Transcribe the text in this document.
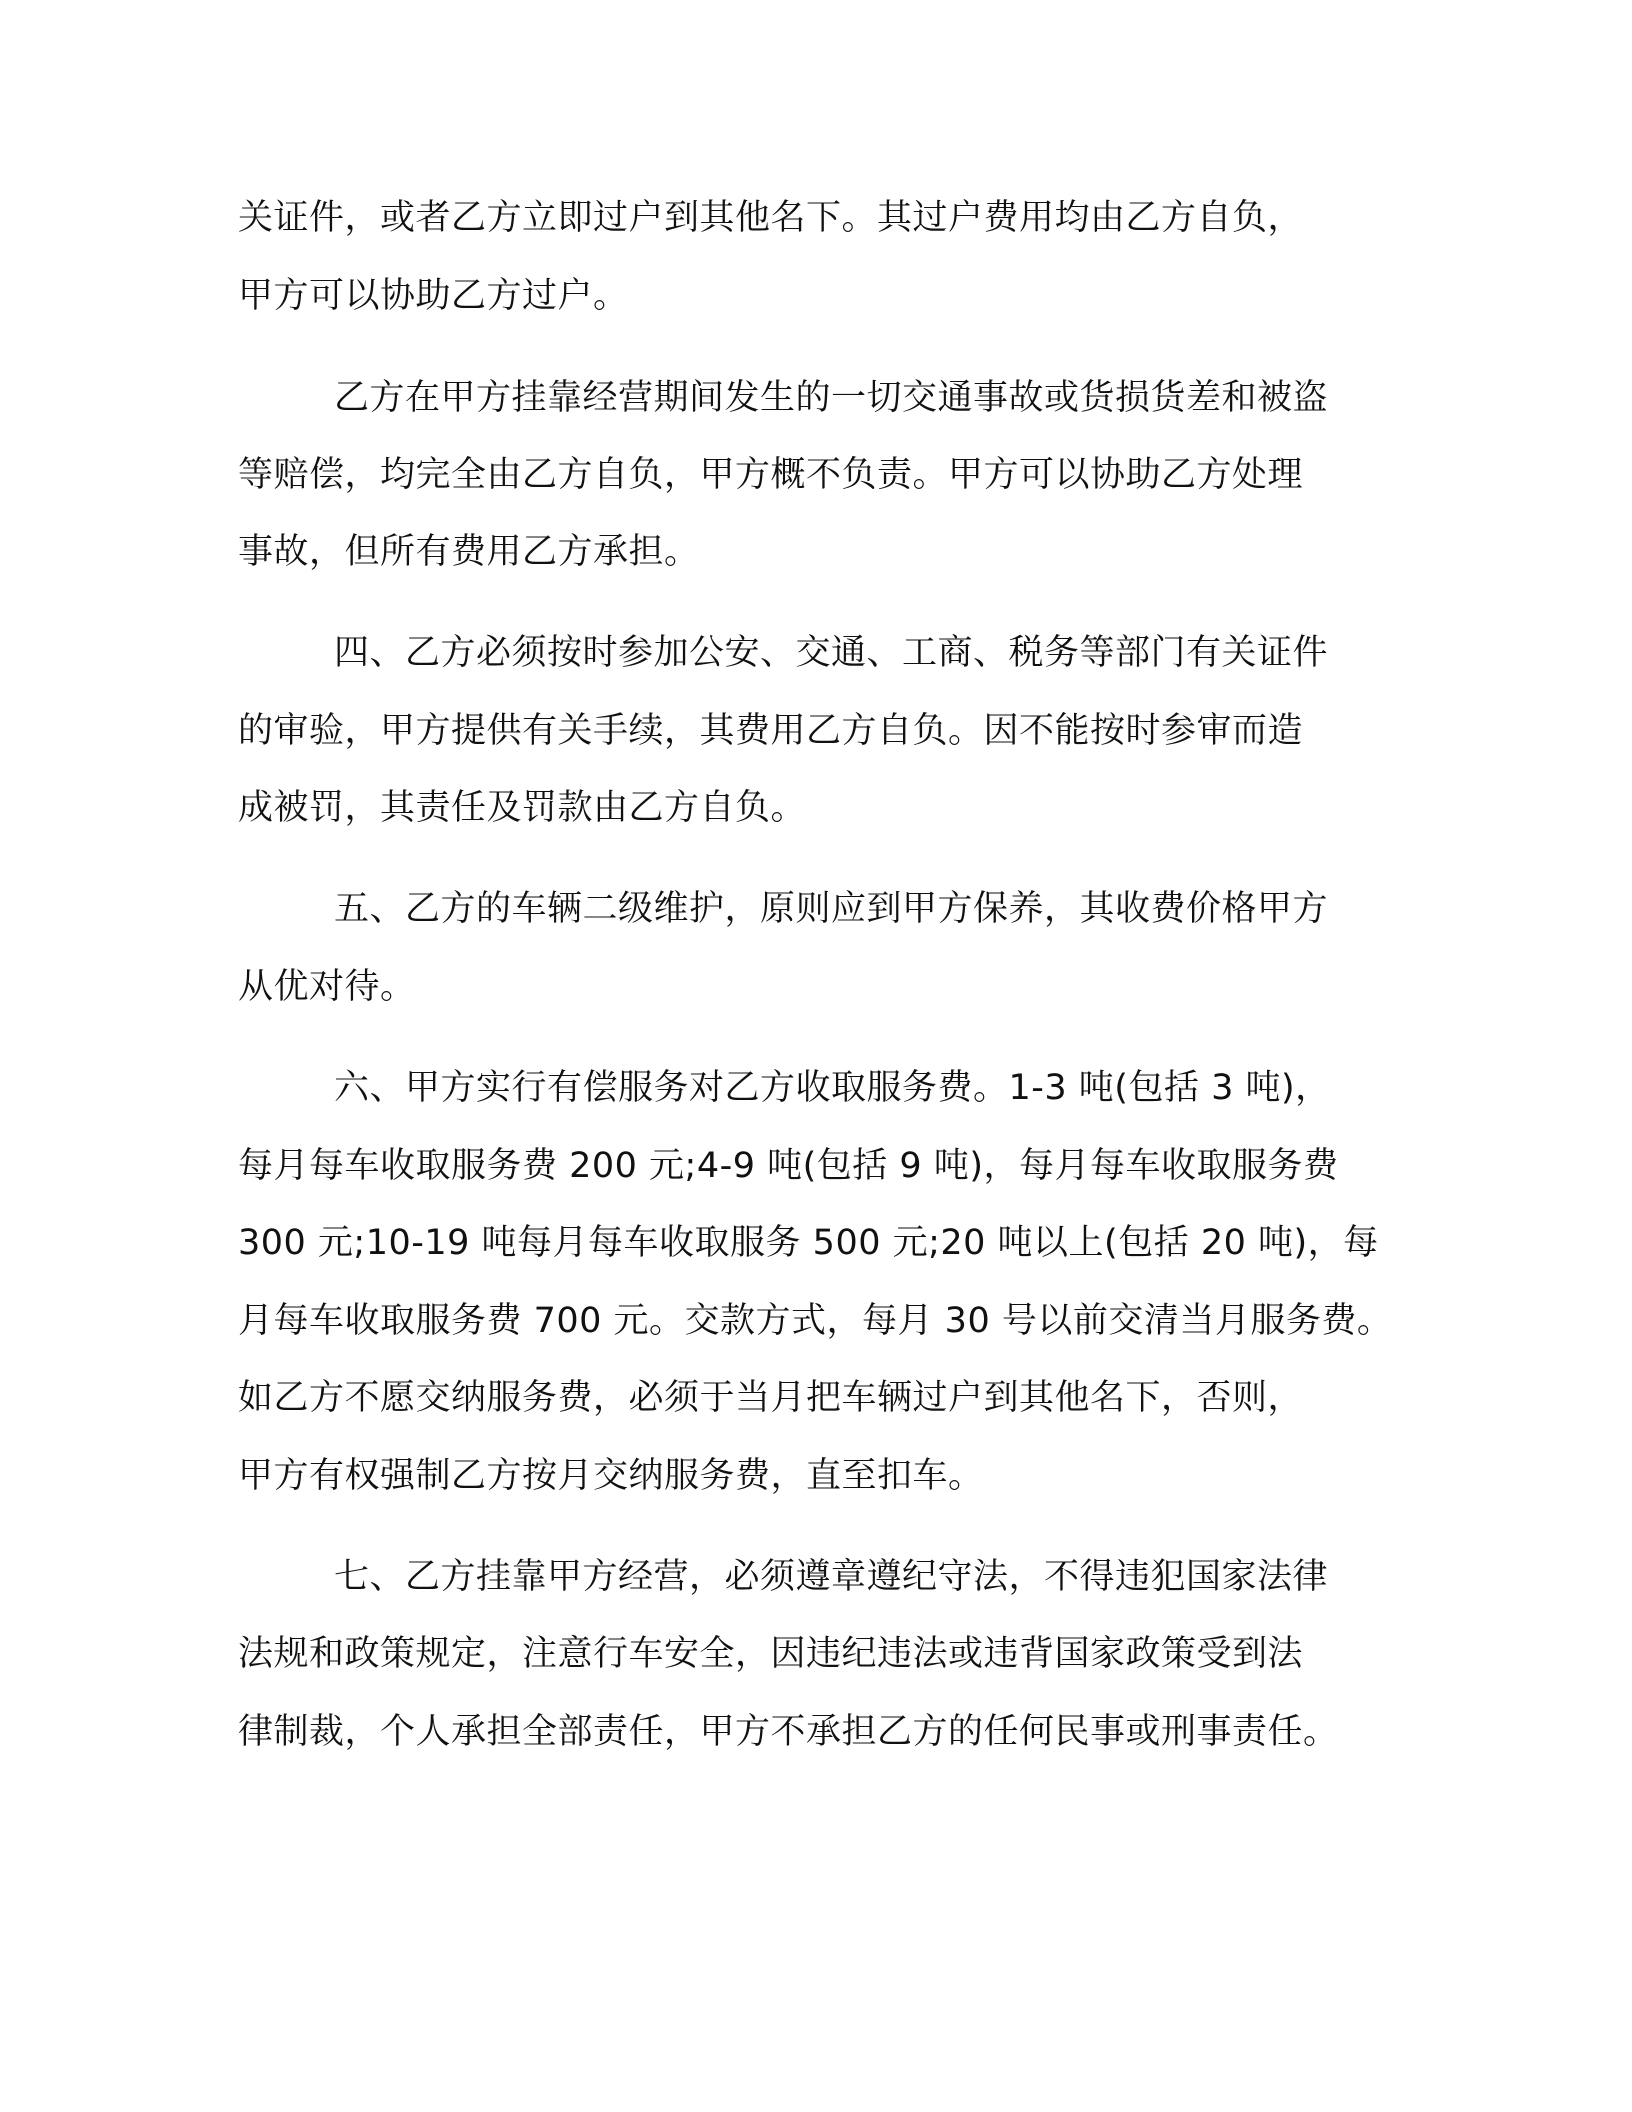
关证件，或者乙方立即过户到其他名下。其过户费用均由乙方自负，
甲方可以协助乙方过户。
乙方在甲方挂靠经营期间发生的一切交通事故或货损货差和被盗
等赔偿，均完全由乙方自负，甲方概不负责。甲方可以协助乙方处理
事故，但所有费用乙方承担。
四、乙方必须按时参加公安、交通、工商、税务等部门有关证件
的审验，甲方提供有关手续，其费用乙方自负。因不能按时参审而造
成被罚，其责任及罚款由乙方自负。
五、乙方的车辆二级维护，原则应到甲方保养，其收费价格甲方
从优对待。
六、甲方实行有偿服务对乙方收取服务费。1-3 吨(包括 3 吨)，
每月每车收取服务费 200 元;4-9 吨(包括 9 吨)，每月每车收取服务费
300 元;10-19 吨每月每车收取服务 500 元;20 吨以上(包括 20 吨)，每
月每车收取服务费 700 元。交款方式，每月 30 号以前交清当月服务费。
如乙方不愿交纳服务费，必须于当月把车辆过户到其他名下，否则，
甲方有权强制乙方按月交纳服务费，直至扣车。
七、乙方挂靠甲方经营，必须遵章遵纪守法，不得违犯国家法律
法规和政策规定，注意行车安全，因违纪违法或违背国家政策受到法
律制裁，个人承担全部责任，甲方不承担乙方的任何民事或刑事责任。
